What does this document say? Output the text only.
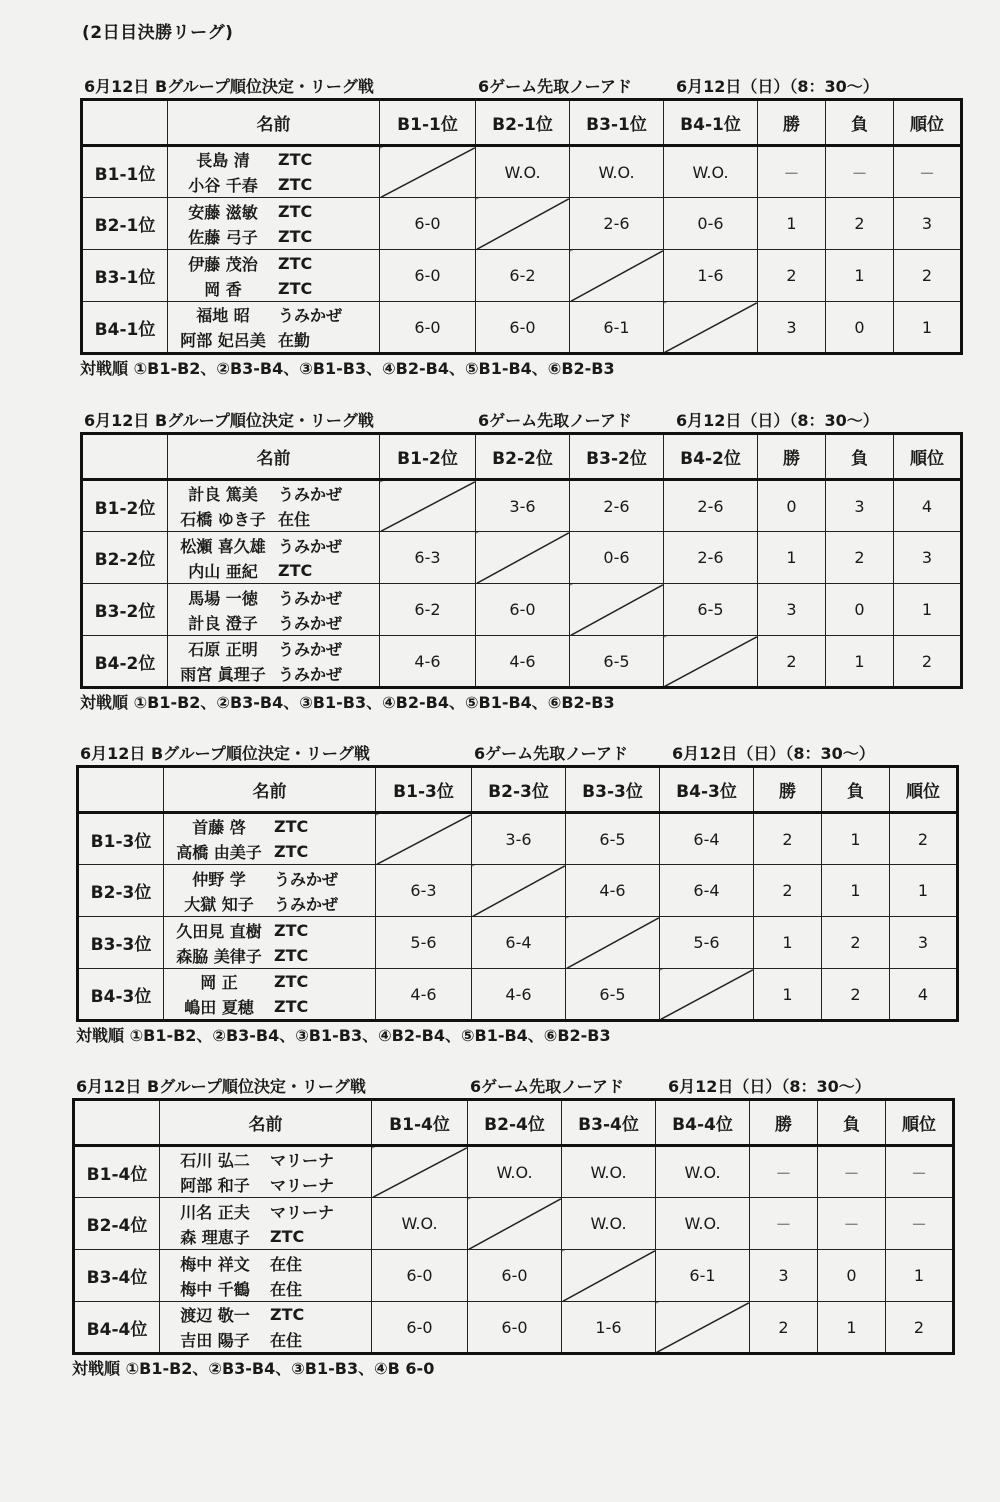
(2日目決勝リーグ)
6月12日 Bグループ順位決定・リーグ戦	6ゲーム先取ノーアド	6月12日（日）（8：30～）
	名前	B1-1位	B2-1位	B3-1位	B4-1位	勝	負	順位
B1-1位	長島 清 ZTC
小谷 千春 ZTC		W.O.	W.O.	W.O.	－	－	－
B2-1位	安藤 滋敏 ZTC
佐藤 弓子 ZTC	6-0		2-6	0-6	1	2	3
B3-1位	伊藤 茂治 ZTC
岡 香 ZTC	6-0	6-2		1-6	2	1	2
B4-1位	福地 昭 うみかぜ
阿部 妃呂美 在勤	6-0	6-0	6-1		3	0	1
対戦順 ①B1-B2、②B3-B4、③B1-B3、④B2-B4、⑤B1-B4、⑥B2-B3
6月12日 Bグループ順位決定・リーグ戦	6ゲーム先取ノーアド	6月12日（日）（8：30～）
	名前	B1-2位	B2-2位	B3-2位	B4-2位	勝	負	順位
B1-2位	計良 篤美 うみかぜ
石橋 ゆき子 在住		3-6	2-6	2-6	0	3	4
B2-2位	松瀬 喜久雄 うみかぜ
内山 亜紀 ZTC	6-3		0-6	2-6	1	2	3
B3-2位	馬場 一徳 うみかぜ
計良 澄子 うみかぜ	6-2	6-0		6-5	3	0	1
B4-2位	石原 正明 うみかぜ
雨宮 眞理子 うみかぜ	4-6	4-6	6-5		2	1	2
対戦順 ①B1-B2、②B3-B4、③B1-B3、④B2-B4、⑤B1-B4、⑥B2-B3
6月12日 Bグループ順位決定・リーグ戦	6ゲーム先取ノーアド	6月12日（日）（8：30～）
	名前	B1-3位	B2-3位	B3-3位	B4-3位	勝	負	順位
B1-3位	首藤 啓 ZTC
高橋 由美子 ZTC		3-6	6-5	6-4	2	1	2
B2-3位	仲野 学 うみかぜ
大獄 知子 うみかぜ	6-3		4-6	6-4	2	1	1
B3-3位	久田見 直樹 ZTC
森脇 美律子 ZTC	5-6	6-4		5-6	1	2	3
B4-3位	岡 正 ZTC
嶋田 夏穂 ZTC	4-6	4-6	6-5		1	2	4
対戦順 ①B1-B2、②B3-B4、③B1-B3、④B2-B4、⑤B1-B4、⑥B2-B3
6月12日 Bグループ順位決定・リーグ戦	6ゲーム先取ノーアド	6月12日（日）（8：30～）
	名前	B1-4位	B2-4位	B3-4位	B4-4位	勝	負	順位
B1-4位	石川 弘二 マリーナ
阿部 和子 マリーナ		W.O.	W.O.	W.O.	－	－	－
B2-4位	川名 正夫 マリーナ
森 理恵子 ZTC	W.O.		W.O.	W.O.	－	－	－
B3-4位	梅中 祥文 在住
梅中 千鶴 在住	6-0	6-0		6-1	3	0	1
B4-4位	渡辺 敬一 ZTC
吉田 陽子 在住	6-0	6-0	1-6		2	1	2
対戦順 ①B1-B2、②B3-B4、③B1-B3、④B 6-0
